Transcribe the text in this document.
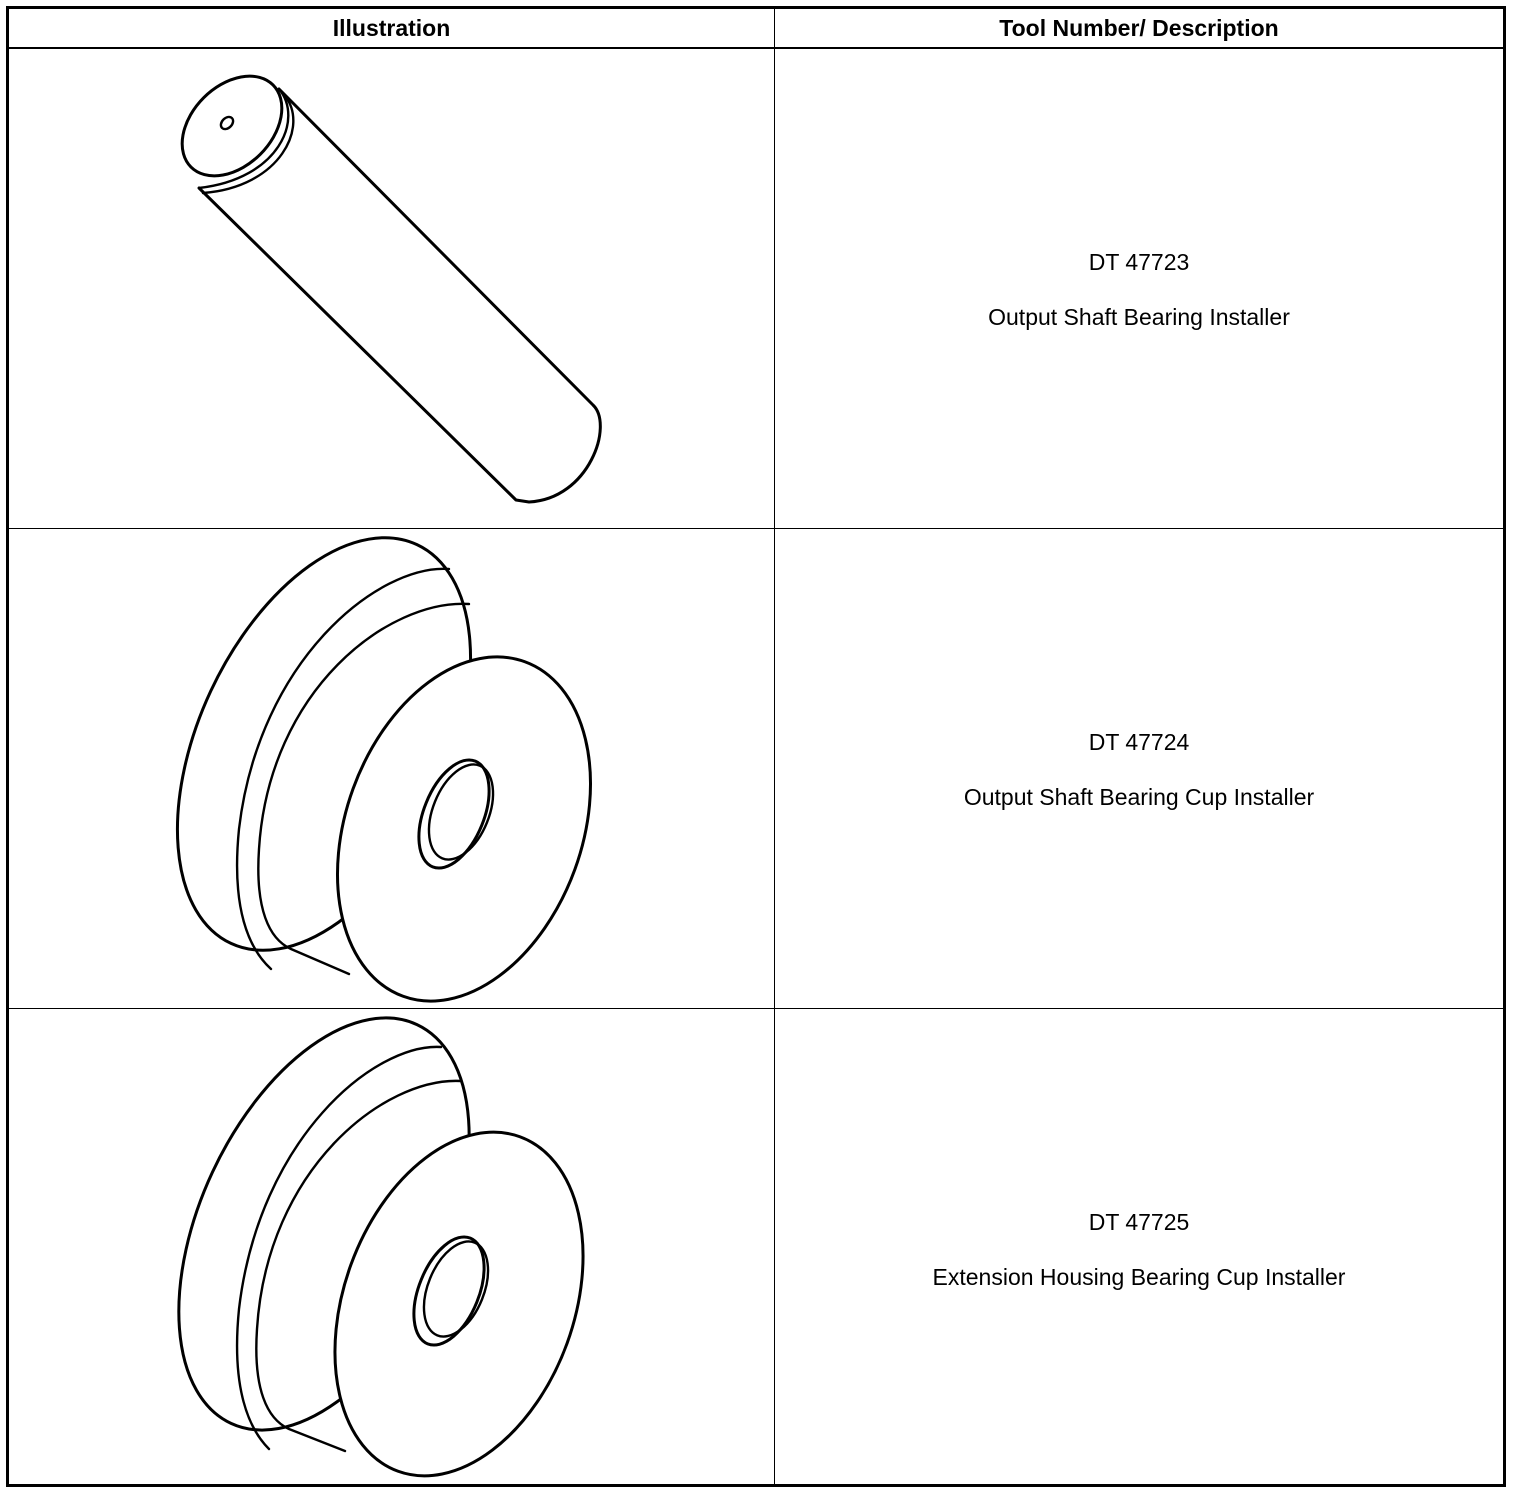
Illustration	Tool Number/ Description
DT 47723
Output Shaft Bearing Installer
DT 47724
Output Shaft Bearing Cup Installer
DT 47725
Extension Housing Bearing Cup Installer
